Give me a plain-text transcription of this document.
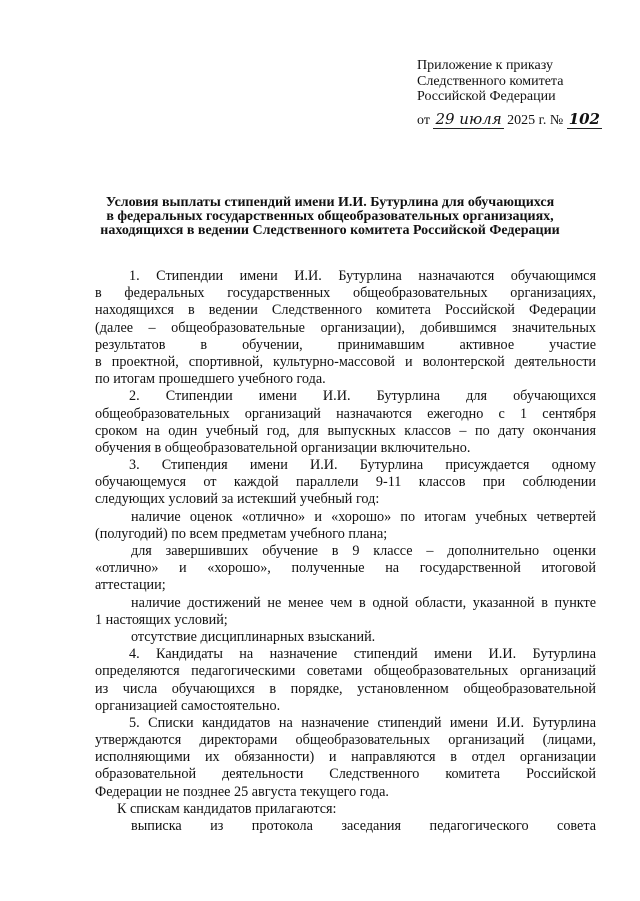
Приложение к приказу
Следственного комитета
Российской Федерации
от 29 июля 2025 г. № 102
Условия выплаты стипендий имени И.И. Бутурлина для обучающихся
в федеральных государственных общеобразовательных организациях,
находящихся в ведении Следственного комитета Российской Федерации
1. Стипендии имени И.И. Бутурлина назначаются обучающимся
в федеральных государственных общеобразовательных организациях,
находящихся в ведении Следственного комитета Российской Федерации
(далее – общеобразовательные организации), добившимся значительных
результатов в обучении, принимавшим активное участие
в проектной, спортивной, культурно-массовой и волонтерской деятельности
по итогам прошедшего учебного года.
2. Стипендии имени И.И. Бутурлина для обучающихся
общеобразовательных организаций назначаются ежегодно с 1 сентября
сроком на один учебный год, для выпускных классов – по дату окончания
обучения в общеобразовательной организации включительно.
3. Стипендия имени И.И. Бутурлина присуждается одному
обучающемуся от каждой параллели 9-11 классов при соблюдении
следующих условий за истекший учебный год:
наличие оценок «отлично» и «хорошо» по итогам учебных четвертей
(полугодий) по всем предметам учебного плана;
для завершивших обучение в 9 классе – дополнительно оценки
«отлично» и «хорошо», полученные на государственной итоговой
аттестации;
наличие достижений не менее чем в одной области, указанной в пункте
1 настоящих условий;
отсутствие дисциплинарных взысканий.
4. Кандидаты на назначение стипендий имени И.И. Бутурлина
определяются педагогическими советами общеобразовательных организаций
из числа обучающихся в порядке, установленном общеобразовательной
организацией самостоятельно.
5. Списки кандидатов на назначение стипендий имени И.И. Бутурлина
утверждаются директорами общеобразовательных организаций (лицами,
исполняющими их обязанности) и направляются в отдел организации
образовательной деятельности Следственного комитета Российской
Федерации не позднее 25 августа текущего года.
К спискам кандидатов прилагаются:
выписка из протокола заседания педагогического совета
